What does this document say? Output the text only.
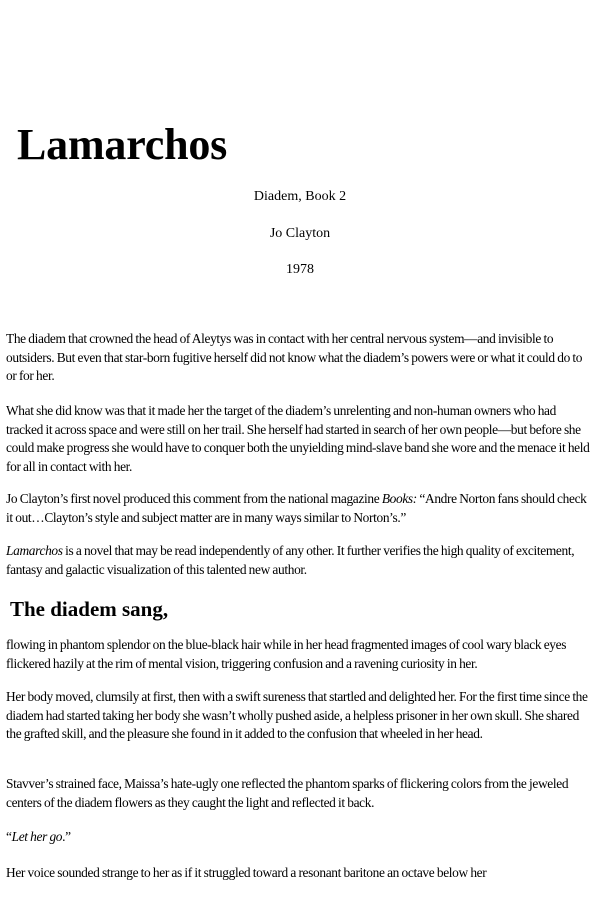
Lamarchos

Diadem, Book 2

Jo Clayton

1978

The diadem that crowned the head of Aleytys was in contact with her central nervous system—and invisible to outsiders. But even that star-born fugitive herself did not know what the diadem’s powers were or what it could do to or for her.

What she did know was that it made her the target of the diadem’s unrelenting and non-human owners who had tracked it across space and were still on her trail. She herself had started in search of her own people—but before she could make progress she would have to conquer both the unyielding mind-slave band she wore and the menace it held for all in contact with her.

Jo Clayton’s first novel produced this comment from the national magazine Books: “Andre Norton fans should check it out…Clayton’s style and subject matter are in many ways similar to Norton’s.”

Lamarchos is a novel that may be read independently of any other. It further verifies the high quality of excitement, fantasy and galactic visualization of this talented new author.

The diadem sang,

flowing in phantom splendor on the blue-black hair while in her head fragmented images of cool wary black eyes flickered hazily at the rim of mental vision, triggering confusion and a ravening curiosity in her.

Her body moved, clumsily at first, then with a swift sureness that startled and delighted her. For the first time since the diadem had started taking her body she wasn’t wholly pushed aside, a helpless prisoner in her own skull. She shared the grafted skill, and the pleasure she found in it added to the confusion that wheeled in her head.

Stavver’s strained face, Maissa’s hate-ugly one reflected the phantom sparks of flickering colors from the jeweled centers of the diadem flowers as they caught the light and reflected it back.

“Let her go.”

Her voice sounded strange to her as if it struggled toward a resonant baritone an octave below her
